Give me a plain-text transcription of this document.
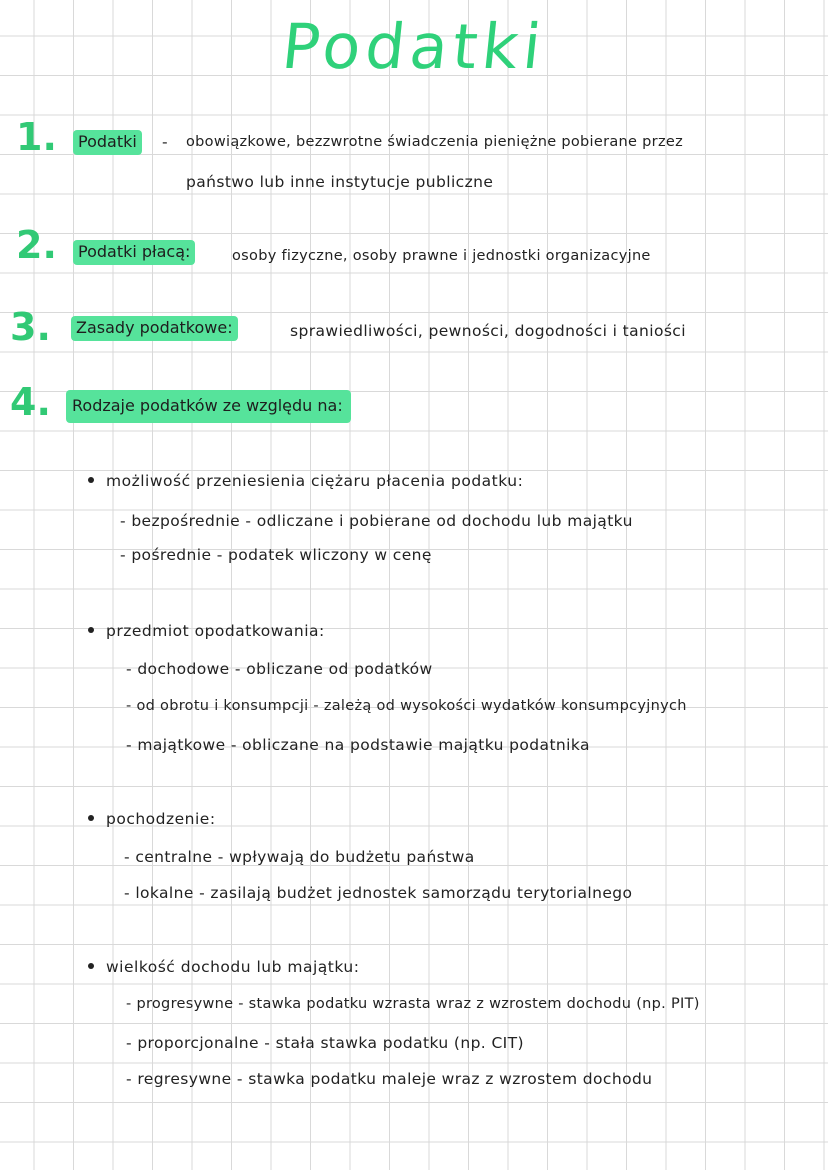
Podatki
1.	Podatki	- obowiązkowe, bezzwrotne świadczenia pieniężne pobierane przez
państwo lub inne instytucje publiczne
2.	Podatki płacą:	osoby fizyczne, osoby prawne i jednostki organizacyjne
3.	Zasady podatkowe:	sprawiedliwości, pewności, dogodności i taniości
4.	Rodzaje podatków ze względu na:
możliwość przeniesienia ciężaru płacenia podatku:
- bezpośrednie - odliczane i pobierane od dochodu lub majątku
- pośrednie - podatek wliczony w cenę
przedmiot opodatkowania:
- dochodowe - obliczane od podatków
- od obrotu i konsumpcji - zależą od wysokości wydatków konsumpcyjnych
- majątkowe - obliczane na podstawie majątku podatnika
pochodzenie:
- centralne - wpływają do budżetu państwa
- lokalne - zasilają budżet jednostek samorządu terytorialnego
wielkość dochodu lub majątku:
- progresywne - stawka podatku wzrasta wraz z wzrostem dochodu (np. PIT)
- proporcjonalne - stała stawka podatku (np. CIT)
- regresywne - stawka podatku maleje wraz z wzrostem dochodu
